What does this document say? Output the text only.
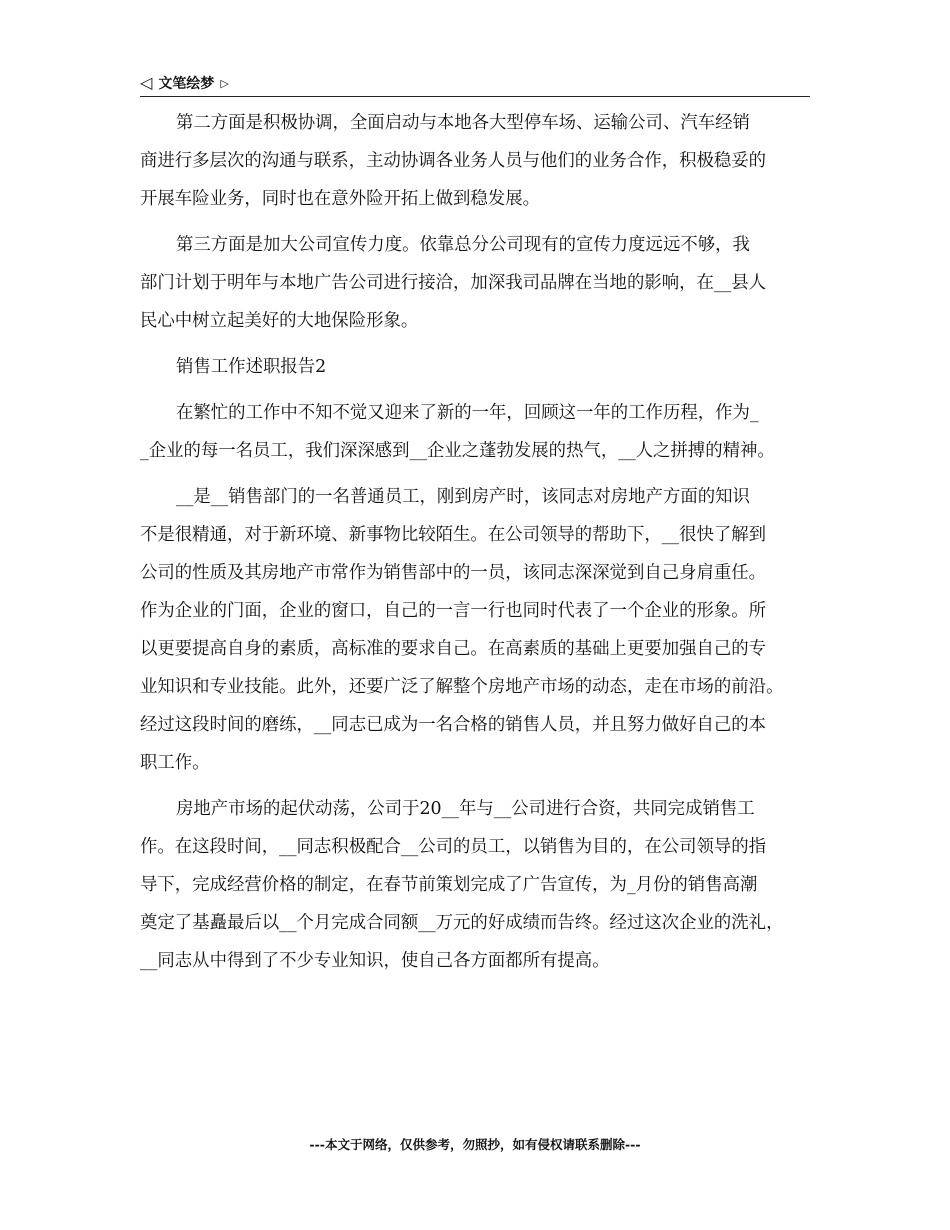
◁ 文笔绘梦 ▷

第二方面是积极协调，全面启动与本地各大型停车场、运输公司、汽车经销
商进行多层次的沟通与联系，主动协调各业务人员与他们的业务合作，积极稳妥的
开展车险业务，同时也在意外险开拓上做到稳发展。

第三方面是加大公司宣传力度。依靠总分公司现有的宣传力度远远不够，我
部门计划于明年与本地广告公司进行接洽，加深我司品牌在当地的影响，在__县人
民心中树立起美好的大地保险形象。

销售工作述职报告2

在繁忙的工作中不知不觉又迎来了新的一年，回顾这一年的工作历程，作为_
_企业的每一名员工，我们深深感到__企业之蓬勃发展的热气，__人之拼搏的精神。

__是__销售部门的一名普通员工，刚到房产时，该同志对房地产方面的知识
不是很精通，对于新环境、新事物比较陌生。在公司领导的帮助下，__很快了解到
公司的性质及其房地产市常作为销售部中的一员，该同志深深觉到自己身肩重任。
作为企业的门面，企业的窗口，自己的一言一行也同时代表了一个企业的形象。所
以更要提高自身的素质，高标准的要求自己。在高素质的基础上更要加强自己的专
业知识和专业技能。此外，还要广泛了解整个房地产市场的动态，走在市场的前沿。
经过这段时间的磨练，__同志已成为一名合格的销售人员，并且努力做好自己的本
职工作。

房地产市场的起伏动荡，公司于20__年与__公司进行合资，共同完成销售工
作。在这段时间，__同志积极配合__公司的员工，以销售为目的，在公司领导的指
导下，完成经营价格的制定，在春节前策划完成了广告宣传，为_月份的销售高潮
奠定了基矗最后以__个月完成合同额__万元的好成绩而告终。经过这次企业的洗礼，
__同志从中得到了不少专业知识，使自己各方面都所有提高。

---本文于网络，仅供参考，勿照抄，如有侵权请联系删除---
